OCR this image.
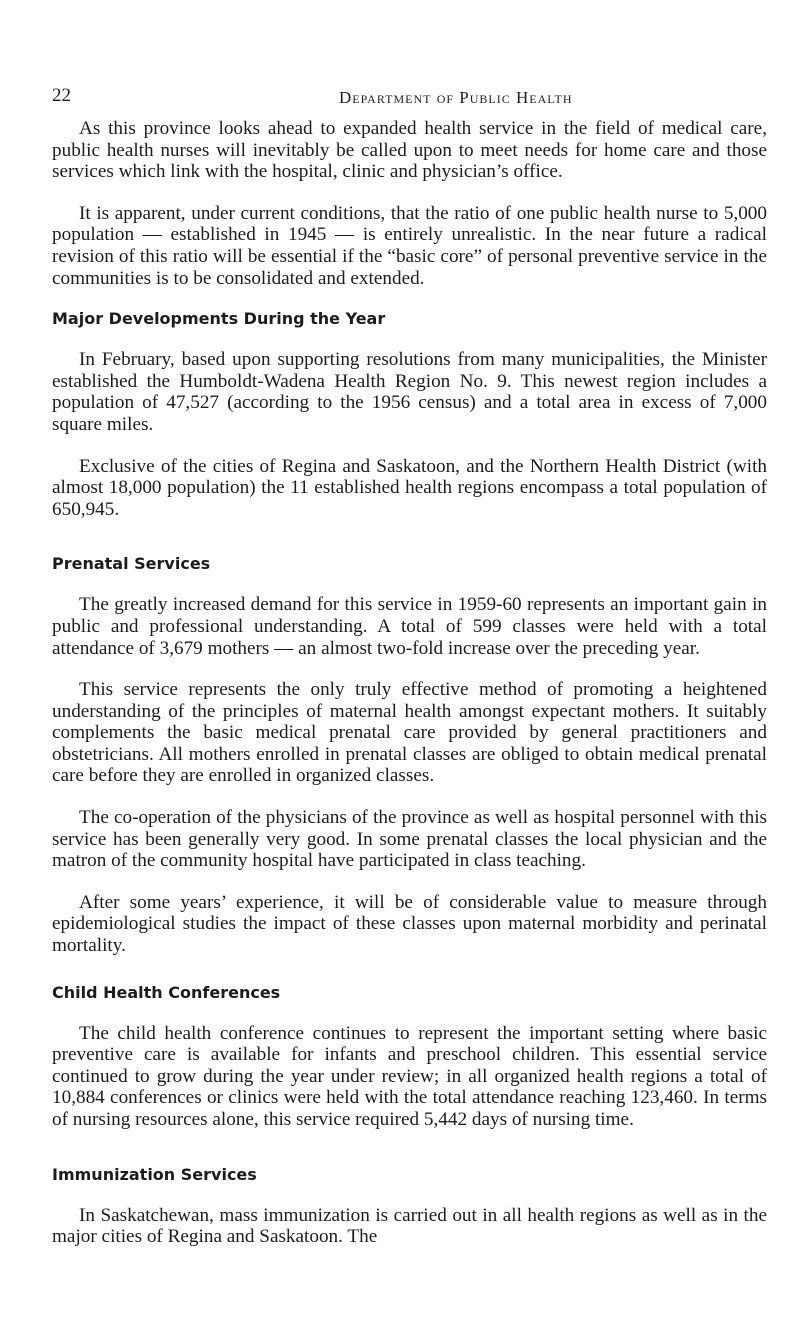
22	Department of Public Health

As this province looks ahead to expanded health service in the field of medical care, public health nurses will inevitably be called upon to meet needs for home care and those services which link with the hospital, clinic and physician’s office.

It is apparent, under current conditions, that the ratio of one public health nurse to 5,000 population — established in 1945 — is entirely unrealistic. In the near future a radical revision of this ratio will be essential if the “basic core” of personal preventive service in the communities is to be consolidated and extended.

Major Developments During the Year

In February, based upon supporting resolutions from many municipalities, the Minister established the Humboldt-Wadena Health Region No. 9. This newest region includes a population of 47,527 (according to the 1956 census) and a total area in excess of 7,000 square miles.

Exclusive of the cities of Regina and Saskatoon, and the Northern Health District (with almost 18,000 population) the 11 established health regions encompass a total population of 650,945.

Prenatal Services

The greatly increased demand for this service in 1959-60 represents an important gain in public and professional understanding. A total of 599 classes were held with a total attendance of 3,679 mothers — an almost two-fold increase over the preceding year.

This service represents the only truly effective method of promoting a heightened understanding of the principles of maternal health amongst expectant mothers. It suitably complements the basic medical prenatal care provided by general practitioners and obstetricians. All mothers enrolled in prenatal classes are obliged to obtain medical prenatal care before they are enrolled in organized classes.

The co-operation of the physicians of the province as well as hospital personnel with this service has been generally very good. In some prenatal classes the local physician and the matron of the community hospital have participated in class teaching.

After some years’ experience, it will be of considerable value to measure through epidemiological studies the impact of these classes upon maternal morbidity and perinatal mortality.

Child Health Conferences

The child health conference continues to represent the important setting where basic preventive care is available for infants and preschool children. This essential service continued to grow during the year under review; in all organized health regions a total of 10,884 conferences or clinics were held with the total attendance reaching 123,460. In terms of nursing resources alone, this service required 5,442 days of nursing time.

Immunization Services

In Saskatchewan, mass immunization is carried out in all health regions as well as in the major cities of Regina and Saskatoon. The
